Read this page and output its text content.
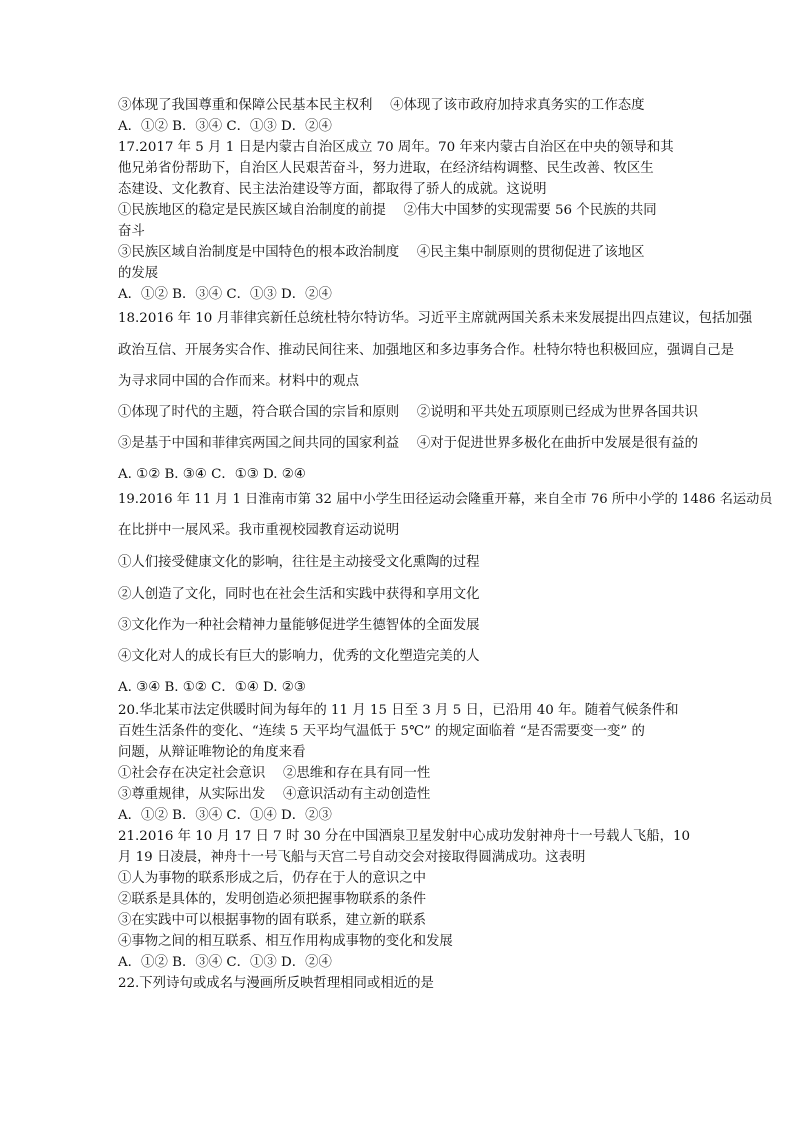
③体现了我国尊重和保障公民基本民主权利　 ④体现了该市政府加持求真务实的工作态度
A．①② B．③④ C．①③ D．②④
17.2017 年 5 月 1 日是内蒙古自治区成立 70 周年。70 年来内蒙古自治区在中央的领导和其
他兄弟省份帮助下，自治区人民艰苦奋斗，努力进取，在经济结构调整、民生改善、牧区生
态建设、文化教育、民主法治建设等方面，都取得了骄人的成就。这说明
①民族地区的稳定是民族区域自治制度的前提　 ②伟大中国梦的实现需要 56 个民族的共同
奋斗
③民族区域自治制度是中国特色的根本政治制度　 ④民主集中制原则的贯彻促进了该地区
的发展
A．①② B．③④ C．①③ D．②④
18.2016 年 10 月菲律宾新任总统杜特尔特访华。习近平主席就两国关系未来发展提出四点建议，包括加强
政治互信、开展务实合作、推动民间往来、加强地区和多边事务合作。杜特尔特也积极回应，强调自己是
为寻求同中国的合作而来。材料中的观点
①体现了时代的主题，符合联合国的宗旨和原则　 ②说明和平共处五项原则已经成为世界各国共识
③是基于中国和菲律宾两国之间共同的国家利益　 ④对于促进世界多极化在曲折中发展是很有益的
A. ①② B. ③④ C．①③ D. ②④
19.2016 年 11 月 1 日淮南市第 32 届中小学生田径运动会隆重开幕，来自全市 76 所中小学的 1486 名运动员
在比拼中一展风采。我市重视校园教育运动说明
①人们接受健康文化的影响，往往是主动接受文化熏陶的过程
②人创造了文化，同时也在社会生活和实践中获得和享用文化
③文化作为一种社会精神力量能够促进学生德智体的全面发展
④文化对人的成长有巨大的影响力，优秀的文化塑造完美的人
A. ③④ B. ①② C．①④ D. ②③
20.华北某市法定供暖时间为每年的 11 月 15 日至 3 月 5 日，已沿用 40 年。随着气候条件和
百姓生活条件的变化、“连续 5 天平均气温低于 5℃” 的规定面临着 “是否需要变一变” 的
问题，从辩证唯物论的角度来看
①社会存在决定社会意识　 ②思维和存在具有同一性
③尊重规律，从实际出发　 ④意识活动有主动创造性
A．①② B．③④ C．①④ D．②③
21.2016 年 10 月 17 日 7 时 30 分在中国酒泉卫星发射中心成功发射神舟十一号载人飞船，10
月 19 日凌晨，神舟十一号飞船与天宫二号自动交会对接取得圆满成功。这表明
①人为事物的联系形成之后，仍存在于人的意识之中
②联系是具体的，发明创造必须把握事物联系的条件
③在实践中可以根据事物的固有联系，建立新的联系
④事物之间的相互联系、相互作用构成事物的变化和发展
A．①② B．③④ C．①③ D．②④
22.下列诗句或成名与漫画所反映哲理相同或相近的是
